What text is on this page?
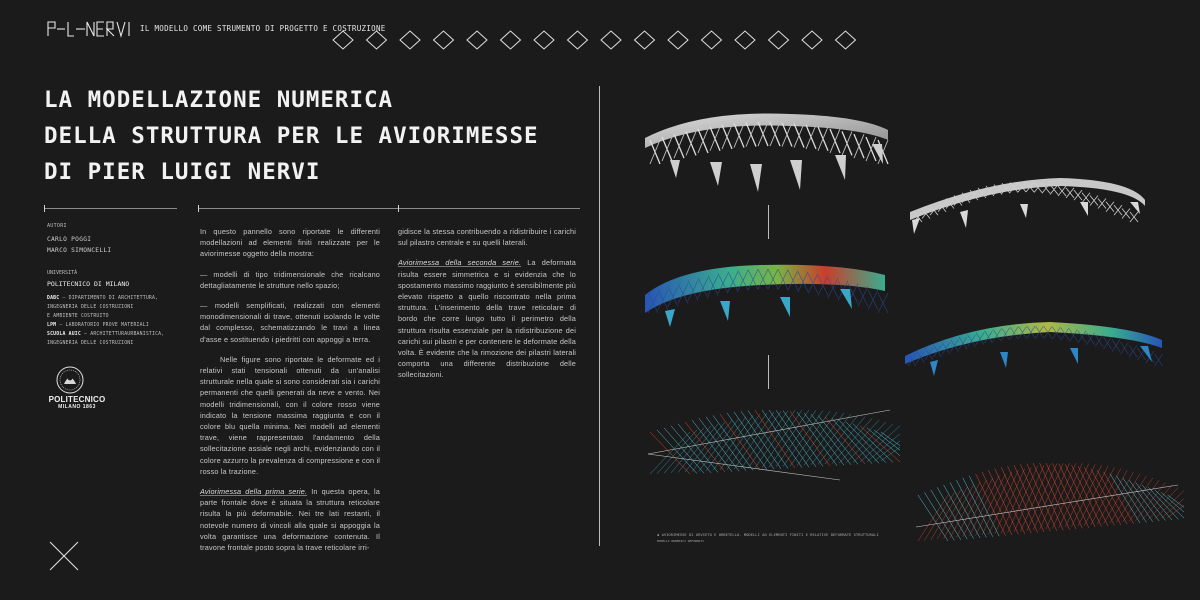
IL MODELLO COME STRUMENTO DI PROGETTO E COSTRUZIONE
LA MODELLAZIONE NUMERICA
DELLA STRUTTURA PER LE AVIORIMESSE
DI PIER LUIGI NERVI
AUTORI
CARLO POGGI
MARCO SIMONCELLI
UNIVERSITÀ
POLITECNICO DI MILANO
DABC – DIPARTIMENTO DI ARCHITETTURA,
INGEGNERIA DELLE COSTRUZIONI
E AMBIENTE COSTRUITO
LPM – LABORATORIO PROVE MATERIALI
SCUOLA AUIC – ARCHITETTURAURBANISTICA,
INGEGNERIA DELLE COSTRUZIONI
POLITECNICO
MILANO 1863

In questo pannello sono riportate le differenti modellazioni ad elementi finiti realizzate per le aviorimesse oggetto della mostra:

— modelli di tipo tridimensionale che ricalcano dettagliatamente le strutture nello spazio;

— modelli semplificati, realizzati con elementi monodimensionali di trave, ottenuti isolando le volte dal complesso, schematizzando le travi a linea d'asse e sostituendo i piedritti con appoggi a terra.

Nelle figure sono riportate le deformate ed i relativi stati tensionali ottenuti da un'analisi strutturale nella quale si sono considerati sia i carichi permanenti che quelli generati da neve e vento. Nei modelli tridimensionali, con il colore rosso viene indicato la tensione massima raggiunta e con il colore blu quella minima. Nei modelli ad elementi trave, viene rappresentato l'andamento della sollecitazione assiale negli archi, evidenziando con il colore azzurro la prevalenza di compressione e con il rosso la trazione.

Aviorimessa della prima serie. In questa opera, la parte frontale dove è situata la struttura reticolare risulta la più deformabile. Nei tre lati restanti, il notevole numero di vincoli alla quale si appoggia la volta garantisce una deformazione contenuta. Il travone frontale posto sopra la trave reticolare irri-

gidisce la stessa contribuendo a ridistribuire i carichi sul pilastro centrale e su quelli laterali.

Aviorimessa della seconda serie. La deformata risulta essere simmetrica e si evidenzia che lo spostamento massimo raggiunto è sensibilmente più elevato rispetto a quello riscontrato nella prima struttura. L'inserimento della trave reticolare di bordo che corre lungo tutto il perimetro della struttura risulta essenziale per la ridistribuzione dei carichi sui pilastri e per contenere le deformate della volta. È evidente che la rimozione dei pilastri laterali comporta una differente distribuzione delle sollecitazioni.

▪ AVIORIMESSE DI ORVIETO E ORBETELLO. MODELLI AD ELEMENTI FINITI E RELATIVE DEFORMATE STRUTTURALI
MODELLI NUMERICI DEFORMATI
